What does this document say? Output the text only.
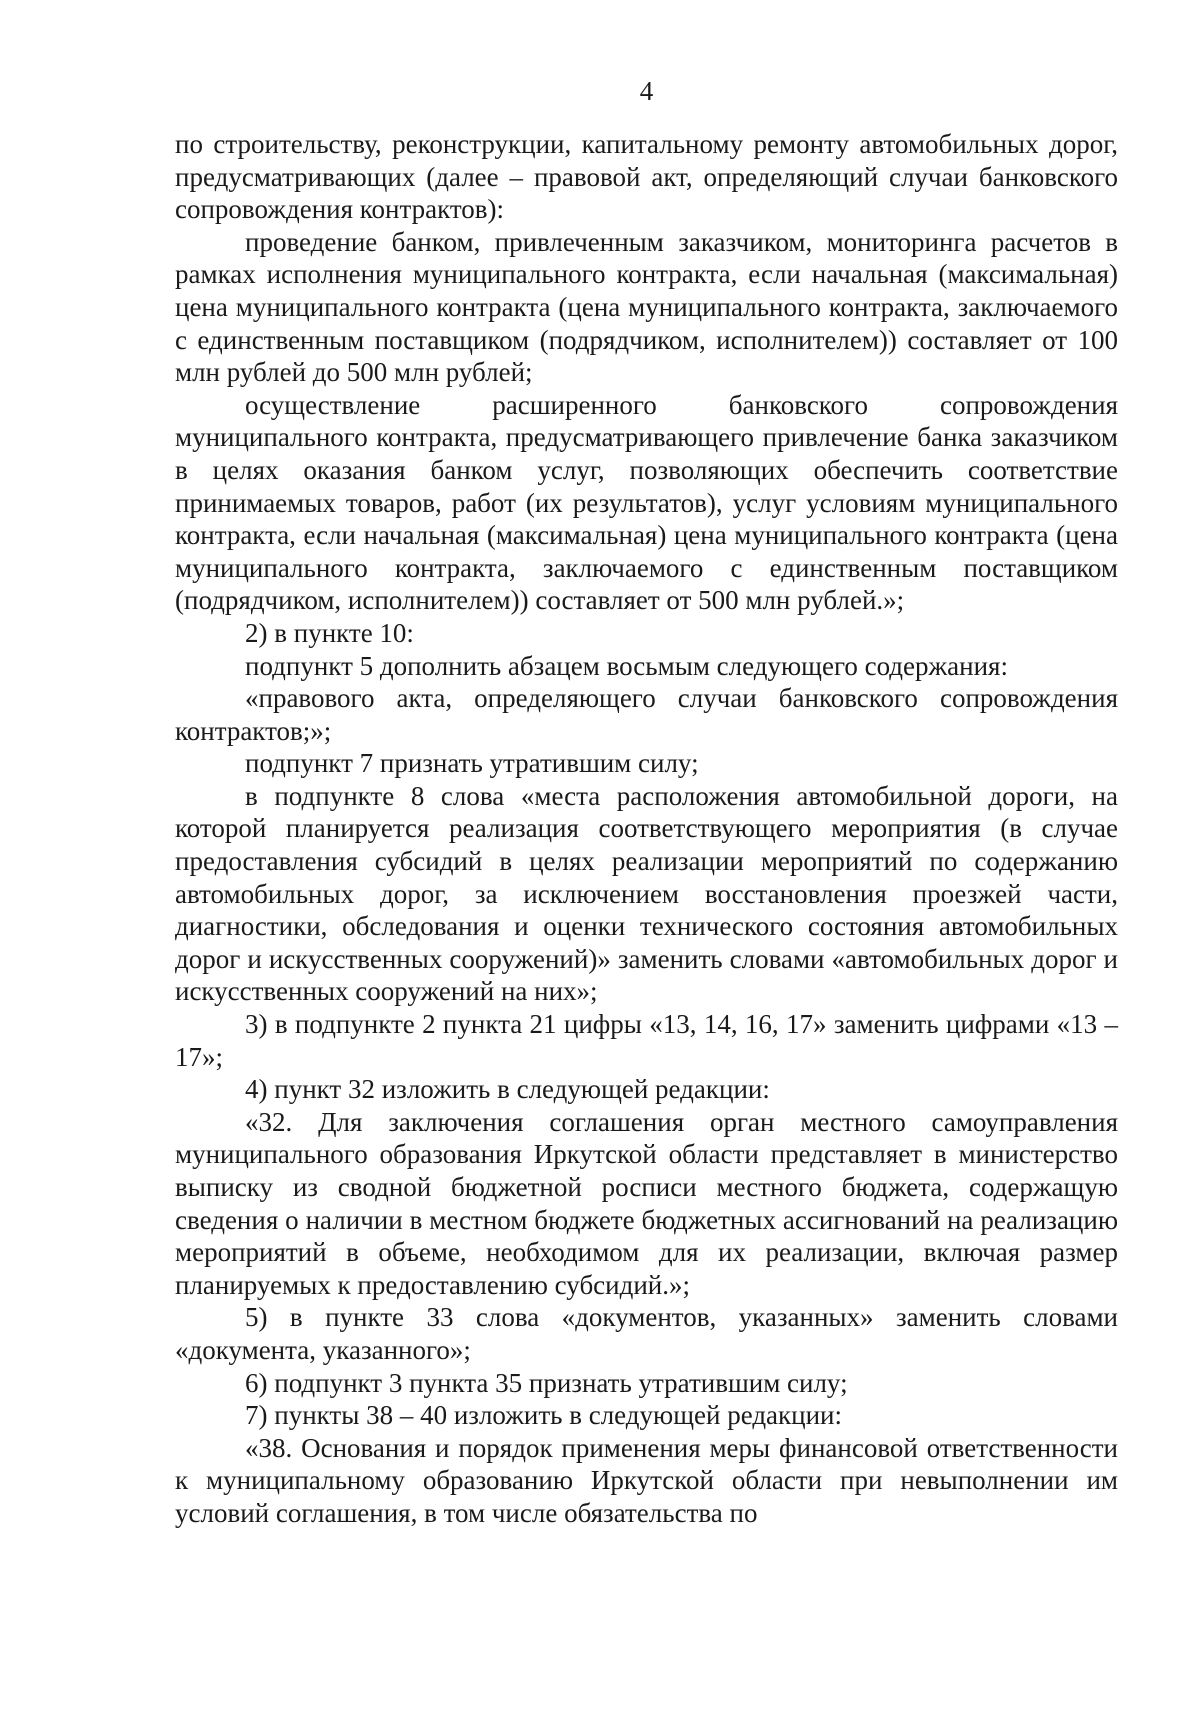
4

по строительству, реконструкции, капитальному ремонту автомобильных дорог, предусматривающих (далее – правовой акт, определяющий случаи банковского сопровождения контрактов):

проведение банком, привлеченным заказчиком, мониторинга расчетов в рамках исполнения муниципального контракта, если начальная (максимальная) цена муниципального контракта (цена муниципального контракта, заключаемого с единственным поставщиком (подрядчиком, исполнителем)) составляет от 100 млн рублей до 500 млн рублей;

осуществление расширенного банковского сопровождения муниципального контракта, предусматривающего привлечение банка заказчиком в целях оказания банком услуг, позволяющих обеспечить соответствие принимаемых товаров, работ (их результатов), услуг условиям муниципального контракта, если начальная (максимальная) цена муниципального контракта (цена муниципального контракта, заключаемого с единственным поставщиком (подрядчиком, исполнителем)) составляет от 500 млн рублей.»;

2) в пункте 10:

подпункт 5 дополнить абзацем восьмым следующего содержания:

«правового акта, определяющего случаи банковского сопровождения контрактов;»;

подпункт 7 признать утратившим силу;

в подпункте 8 слова «места расположения автомобильной дороги, на которой планируется реализация соответствующего мероприятия (в случае предоставления субсидий в целях реализации мероприятий по содержанию автомобильных дорог, за исключением восстановления проезжей части, диагностики, обследования и оценки технического состояния автомобильных дорог и искусственных сооружений)» заменить словами «автомобильных дорог и искусственных сооружений на них»;

3) в подпункте 2 пункта 21 цифры «13, 14, 16, 17» заменить цифрами «13 – 17»;

4) пункт 32 изложить в следующей редакции:

«32. Для заключения соглашения орган местного самоуправления муниципального образования Иркутской области представляет в министерство выписку из сводной бюджетной росписи местного бюджета, содержащую сведения о наличии в местном бюджете бюджетных ассигнований на реализацию мероприятий в объеме, необходимом для их реализации, включая размер планируемых к предоставлению субсидий.»;

5) в пункте 33 слова «документов, указанных» заменить словами «документа, указанного»;

6) подпункт 3 пункта 35 признать утратившим силу;

7) пункты 38 – 40 изложить в следующей редакции:

«38. Основания и порядок применения меры финансовой ответственности к муниципальному образованию Иркутской области при невыполнении им условий соглашения, в том числе обязательства по
